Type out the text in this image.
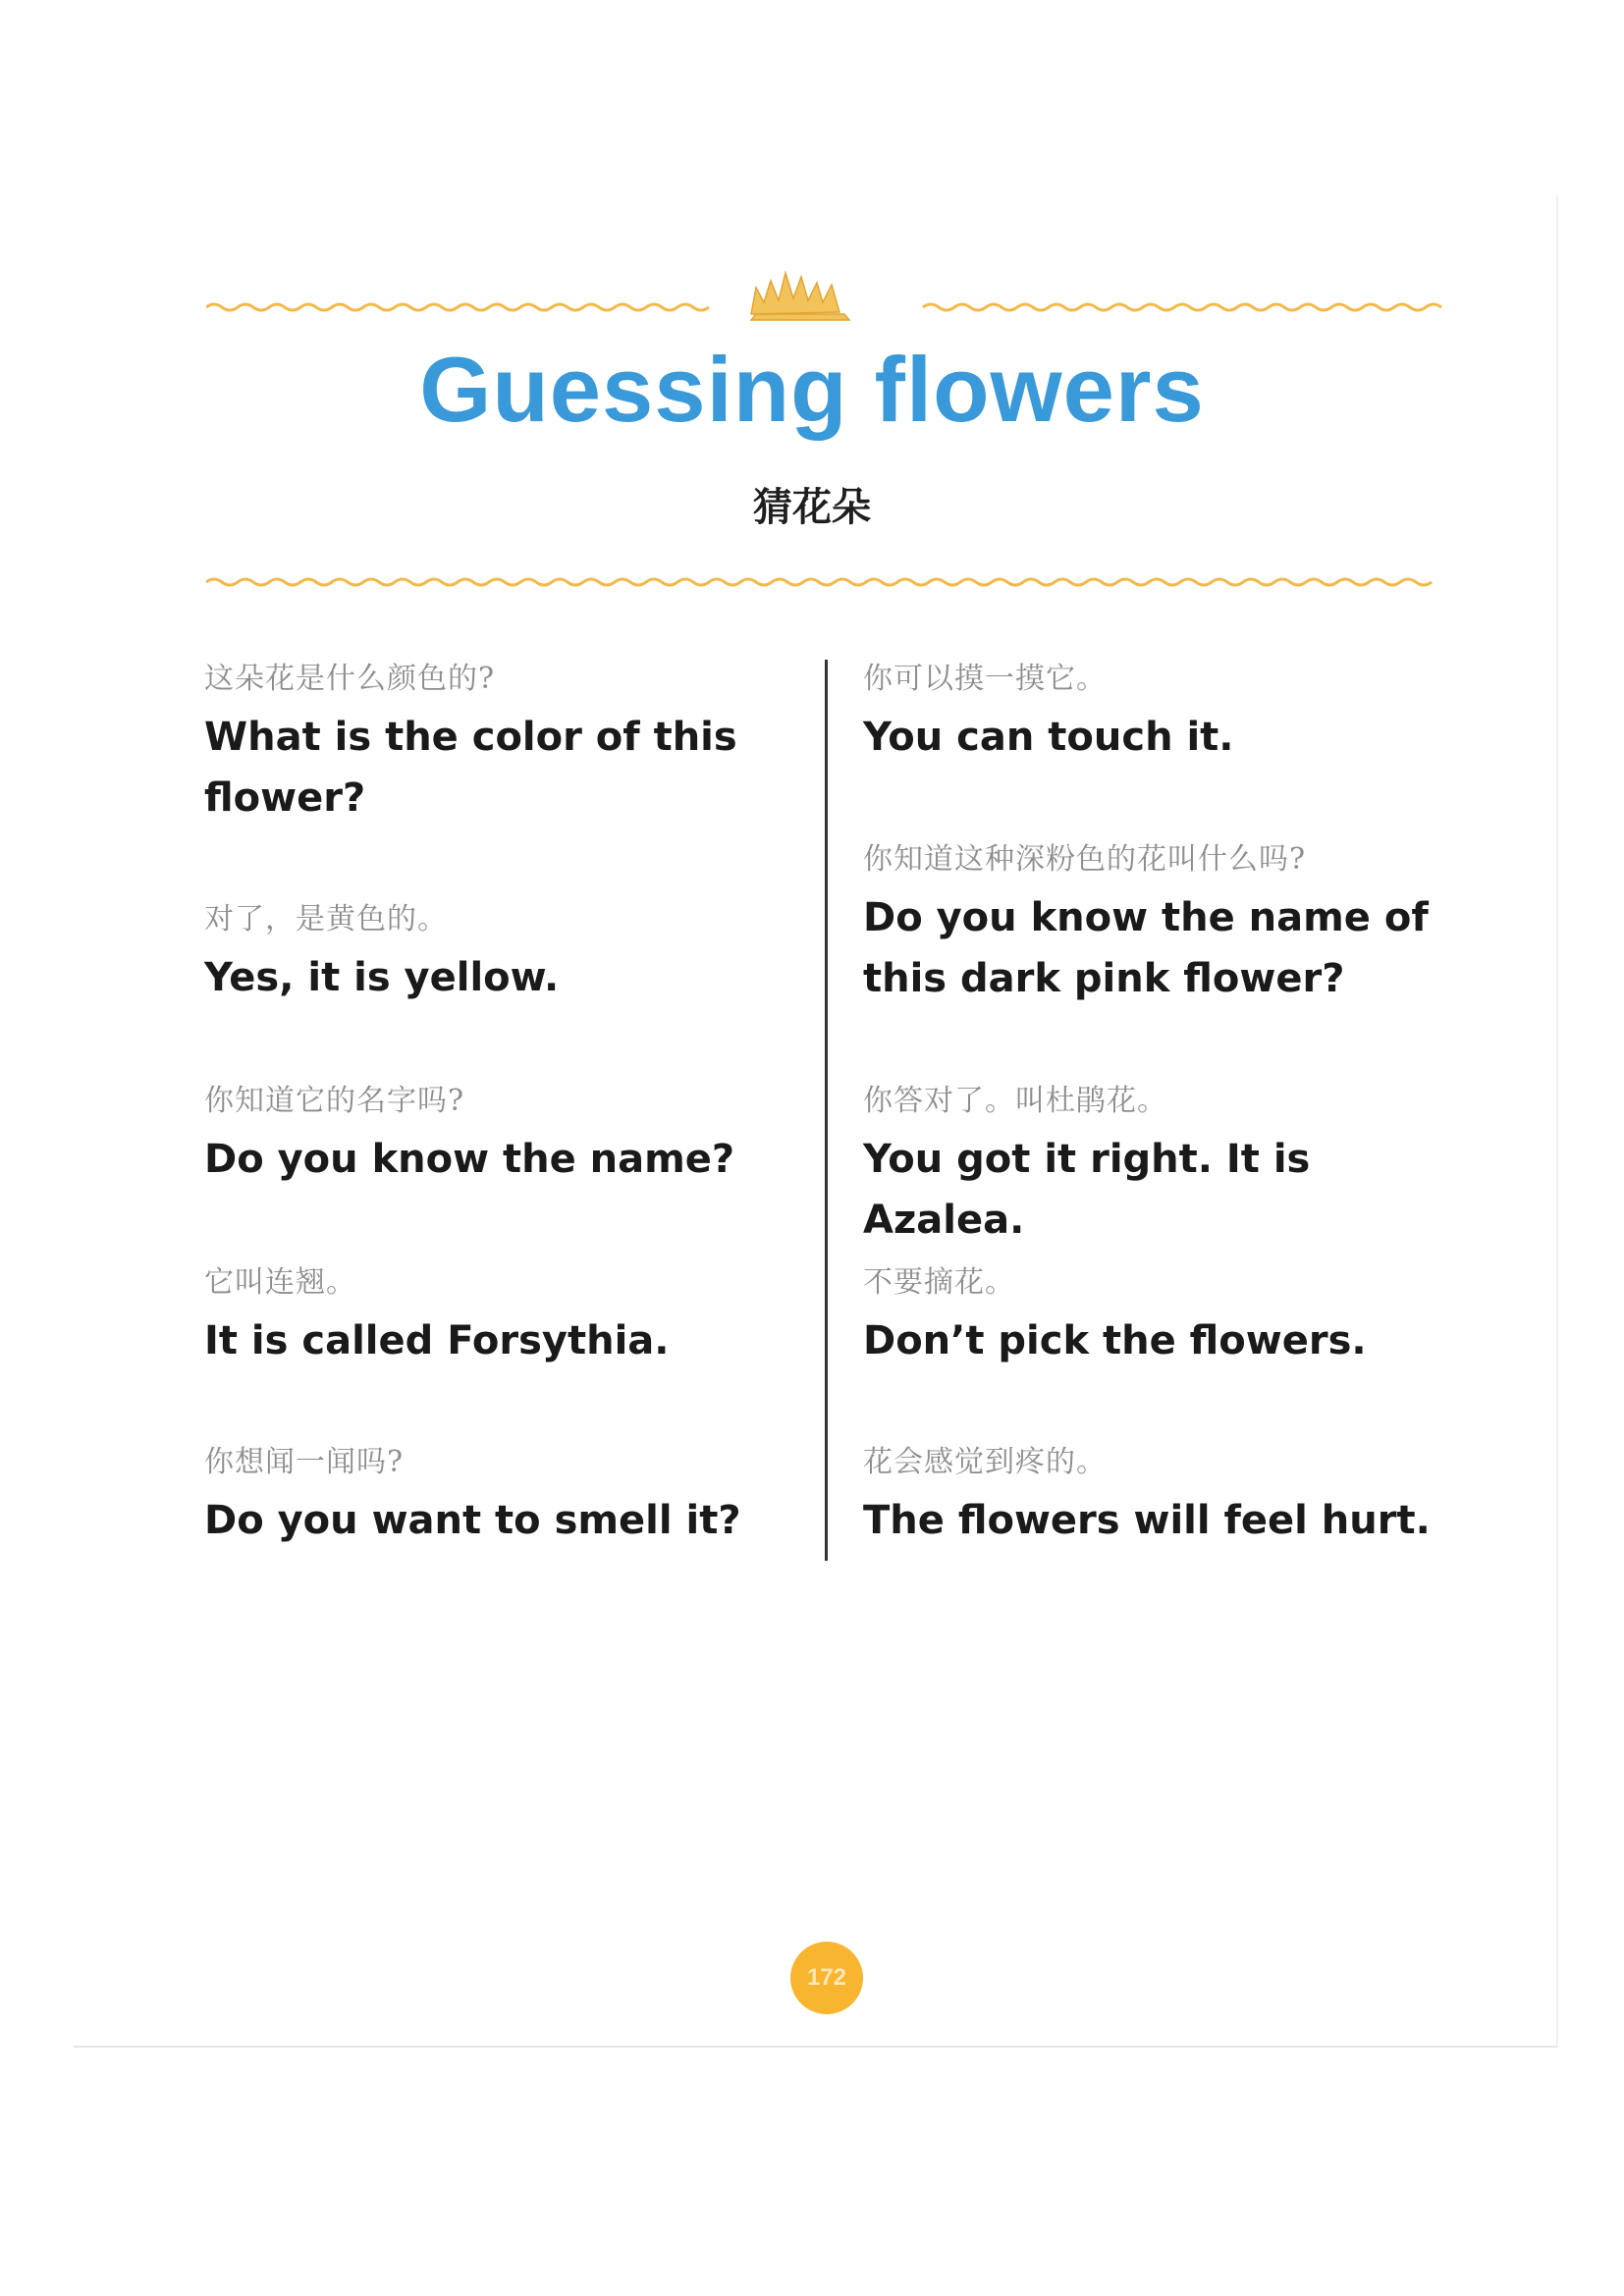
Guessing flowers
猜花朵
这朵花是什么颜色的?
What is the color of this flower?
对了，是黄色的。
Yes, it is yellow.
你知道它的名字吗?
Do you know the name?
它叫连翘。
It is called Forsythia.
你想闻一闻吗?
Do you want to smell it?
你可以摸一摸它。
You can touch it.
你知道这种深粉色的花叫什么吗?
Do you know the name of this dark pink flower?
你答对了。叫杜鹃花。
You got it right. It is Azalea.
不要摘花。
Don’t pick the flowers.
花会感觉到疼的。
The flowers will feel hurt.
172
